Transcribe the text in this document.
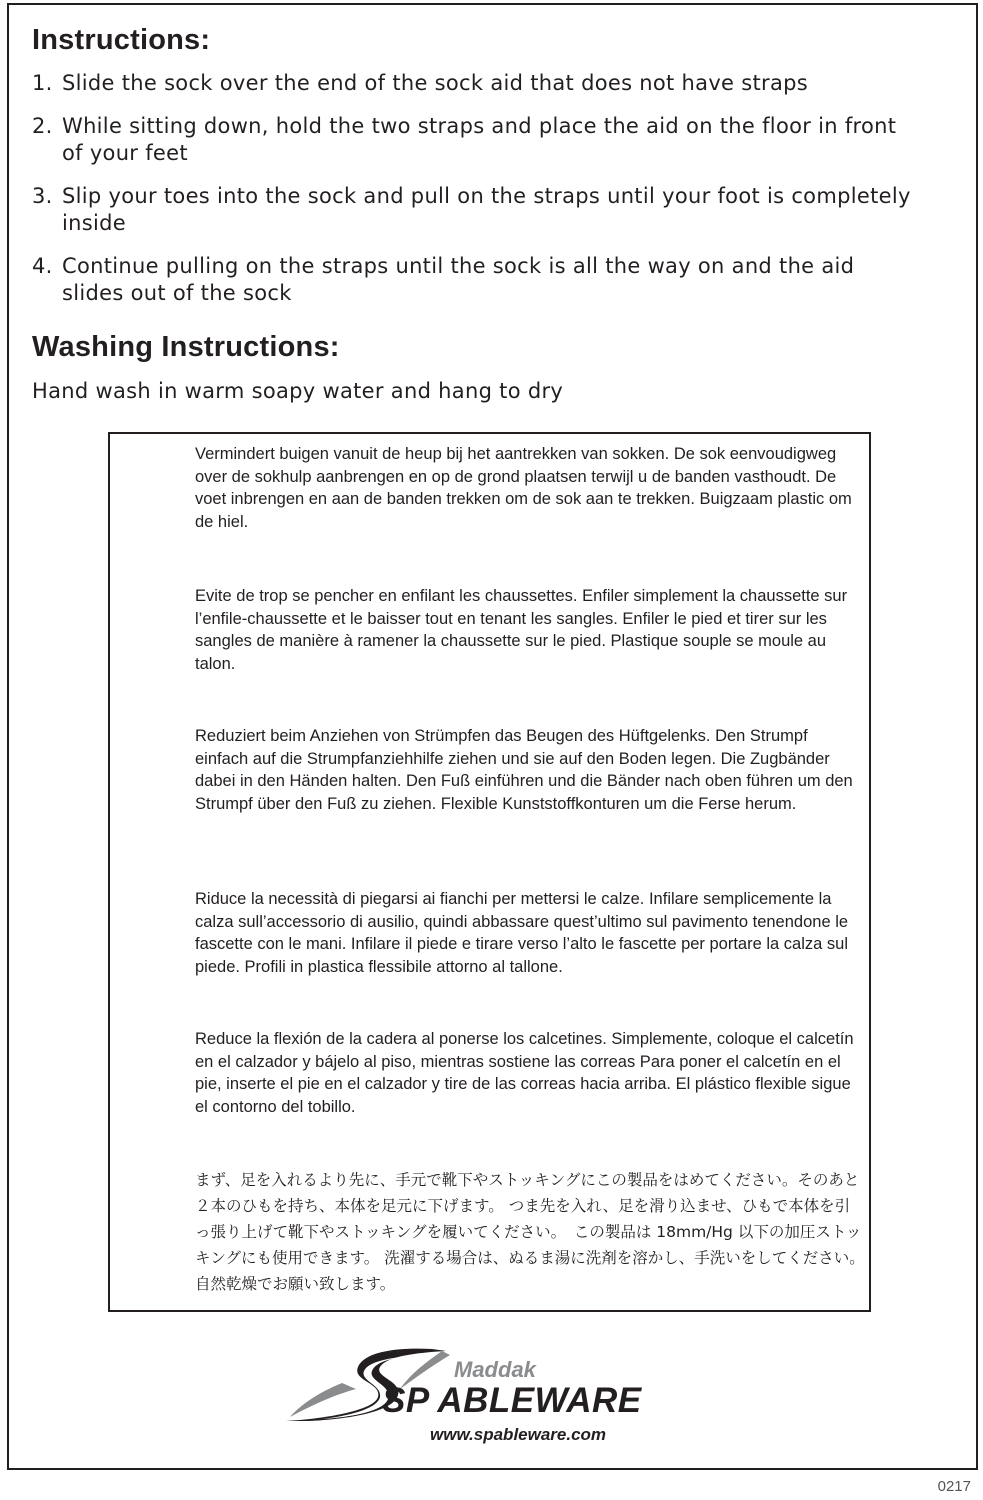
Instructions:
1. Slide the sock over the end of the sock aid that does not have straps
2. While sitting down, hold the two straps and place the aid on the floor in front of your feet
3. Slip your toes into the sock and pull on the straps until your foot is completely inside
4. Continue pulling on the straps until the sock is all the way on and the aid slides out of the sock
Washing Instructions:
Hand wash in warm soapy water and hang to dry
Vermindert buigen vanuit de heup bij het aantrekken van sokken. De sok eenvoudigweg over de sokhulp aanbrengen en op de grond plaatsen terwijl u de banden vasthoudt. De voet inbrengen en aan de banden trekken om de sok aan te trekken. Buigzaam plastic om de hiel.
Evite de trop se pencher en enfilant les chaussettes. Enfiler simplement la chaussette sur l’enfile-chaussette et le baisser tout en tenant les sangles. Enfiler le pied et tirer sur les sangles de manière à ramener la chaussette sur le pied. Plastique souple se moule au talon.
Reduziert beim Anziehen von Strümpfen das Beugen des Hüftgelenks. Den Strumpf einfach auf die Strumpfanziehhilfe ziehen und sie auf den Boden legen. Die Zugbänder dabei in den Händen halten. Den Fuß einführen und die Bänder nach oben führen um den Strumpf über den Fuß zu ziehen. Flexible Kunststoffkonturen um die Ferse herum.
Riduce la necessità di piegarsi ai fianchi per mettersi le calze. Infilare semplicemente la calza sull’accessorio di ausilio, quindi abbassare quest’ultimo sul pavimento tenendone le fascette con le mani. Infilare il piede e tirare verso l’alto le fascette per portare la calza sul piede. Profili in plastica flessibile attorno al tallone.
Reduce la flexión de la cadera al ponerse los calcetines. Simplemente, coloque el calcetín en el calzador y bájelo al piso, mientras sostiene las correas Para poner el calcetín en el pie, inserte el pie en el calzador y tire de las correas hacia arriba. El plástico flexible sigue el contorno del tobillo.
まず、足を入れるより先に、手元で靴下やストッキングにこの製品をはめてください。そのあと２本のひもを持ち、本体を足元に下げます。 つま先を入れ、足を滑り込ませ、ひもで本体を引っ張り上げて靴下やストッキングを履いてください。　この製品は 18mm/Hg 以下の加圧ストッキングにも使用できます。 洗濯する場合は、ぬるま湯に洗剤を溶かし、手洗いをしてください。 自然乾燥でお願い致します。
Maddak
SP ABLEWARE
www.spableware.com
0217
